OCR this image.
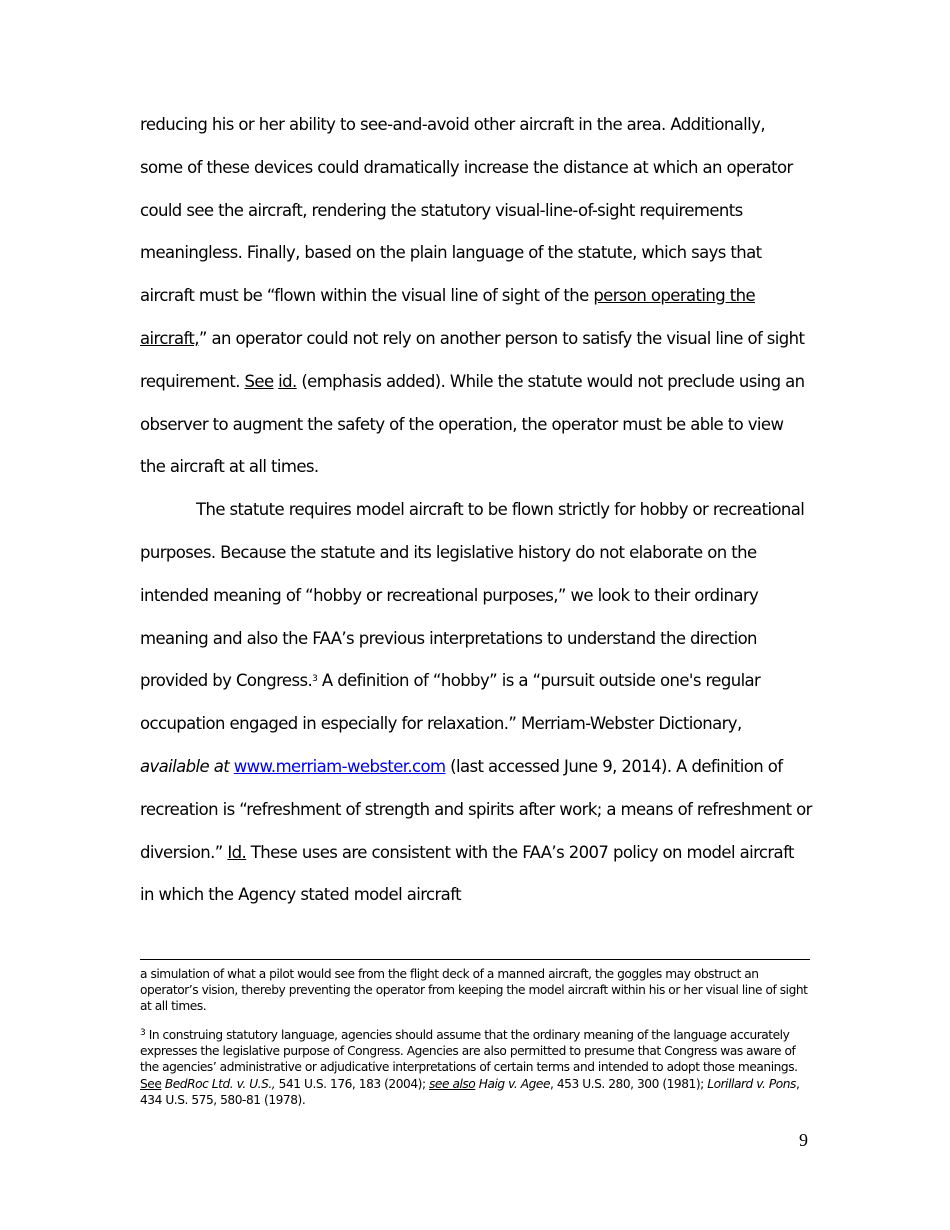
reducing his or her ability to see-and-avoid other aircraft in the area. Additionally, some of these devices could dramatically increase the distance at which an operator could see the aircraft, rendering the statutory visual-line-of-sight requirements meaningless. Finally, based on the plain language of the statute, which says that aircraft must be “flown within the visual line of sight of the person operating the aircraft,” an operator could not rely on another person to satisfy the visual line of sight requirement. See id. (emphasis added). While the statute would not preclude using an observer to augment the safety of the operation, the operator must be able to view the aircraft at all times.

The statute requires model aircraft to be flown strictly for hobby or recreational purposes. Because the statute and its legislative history do not elaborate on the intended meaning of “hobby or recreational purposes,” we look to their ordinary meaning and also the FAA’s previous interpretations to understand the direction provided by Congress.$^3$ A definition of “hobby” is a “pursuit outside one's regular occupation engaged in especially for relaxation.” Merriam-Webster Dictionary, available at www.merriam-webster.com (last accessed June 9, 2014). A definition of recreation is “refreshment of strength and spirits after work; a means of refreshment or diversion.” Id. These uses are consistent with the FAA’s 2007 policy on model aircraft in which the Agency stated model aircraft

a simulation of what a pilot would see from the flight deck of a manned aircraft, the goggles may obstruct an operator’s vision, thereby preventing the operator from keeping the model aircraft within his or her visual line of sight at all times.

$^3$ In construing statutory language, agencies should assume that the ordinary meaning of the language accurately expresses the legislative purpose of Congress. Agencies are also permitted to presume that Congress was aware of the agencies’ administrative or adjudicative interpretations of certain terms and intended to adopt those meanings. See BedRoc Ltd. v. U.S., 541 U.S. 176, 183 (2004); see also Haig v. Agee, 453 U.S. 280, 300 (1981); Lorillard v. Pons, 434 U.S. 575, 580-81 (1978).

9
